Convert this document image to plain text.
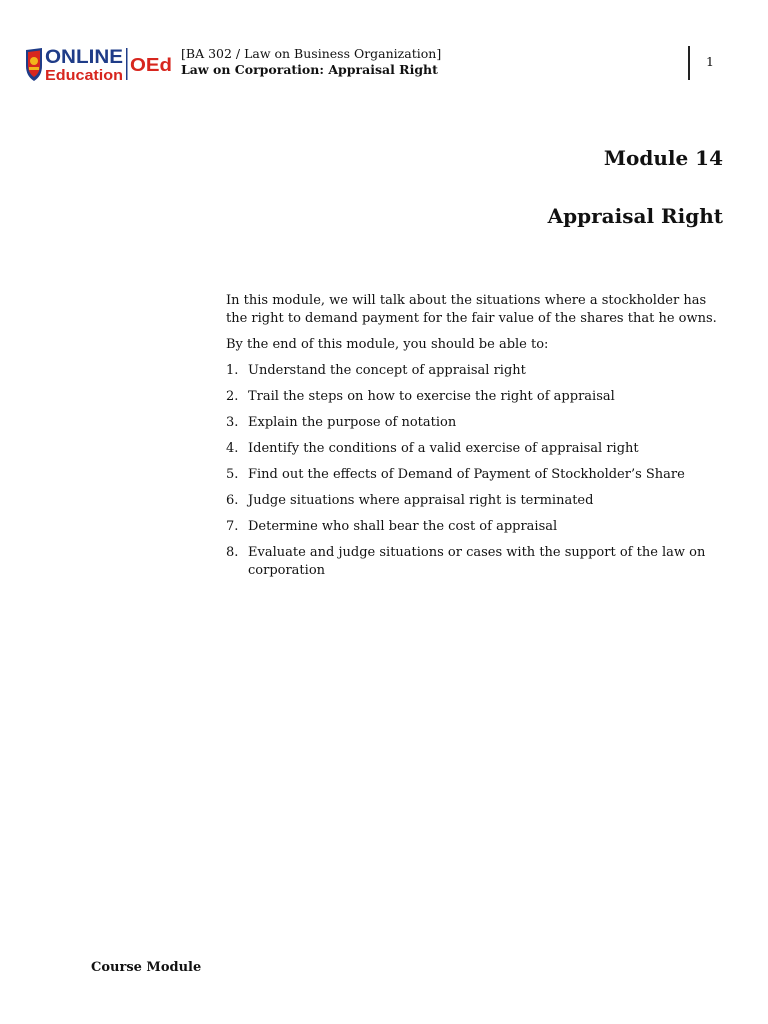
ONLINE
Education
OEd
[BA 302 / Law on Business Organization]
Law on Corporation: Appraisal Right
1
Module 14
Appraisal Right

In this module, we will talk about the situations where a stockholder has the right to demand payment for the fair value of the shares that he owns.

By the end of this module, you should be able to:

1. Understand the concept of appraisal right
2. Trail the steps on how to exercise the right of appraisal
3. Explain the purpose of notation
4. Identify the conditions of a valid exercise of appraisal right
5. Find out the effects of Demand of Payment of Stockholder’s Share
6. Judge situations where appraisal right is terminated
7. Determine who shall bear the cost of appraisal
8. Evaluate and judge situations or cases with the support of the law on corporation
Course Module
